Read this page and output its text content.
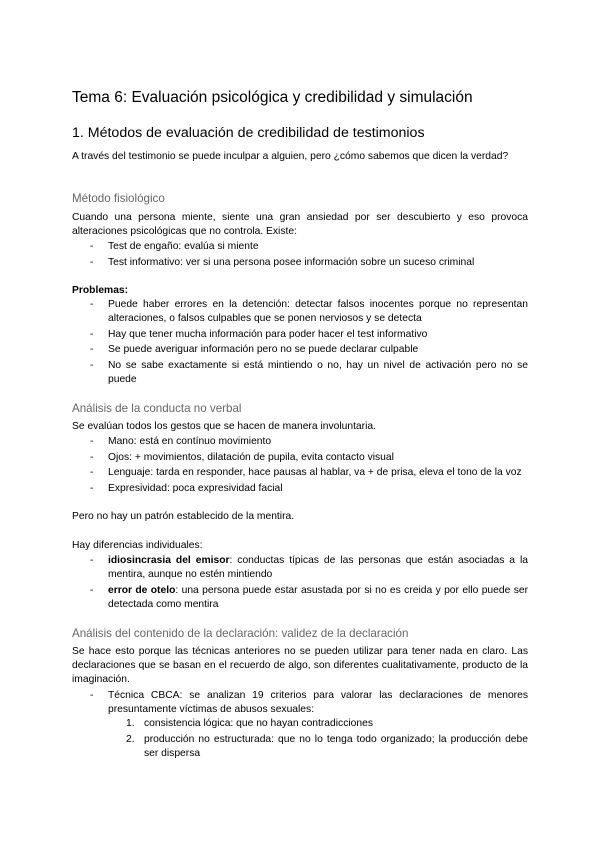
Tema 6: Evaluación psicológica y credibilidad y simulación
1. Métodos de evaluación de credibilidad de testimonios

A través del testimonio se puede inculpar a alguien, pero ¿cómo sabemos que dicen la verdad?

Método fisiológico

Cuando una persona miente, siente una gran ansiedad por ser descubierto y eso provoca alteraciones psicológicas que no controla. Existe:

- Test de engaño: evalúa si miente
- Test informativo: ver si una persona posee información sobre un suceso criminal

Problemas:

- Puede haber errores en la detención: detectar falsos inocentes porque no representan alteraciones, o falsos culpables que se ponen nerviosos y se detecta
- Hay que tener mucha información para poder hacer el test informativo
- Se puede averiguar información pero no se puede declarar culpable
- No se sabe exactamente si está mintiendo o no, hay un nivel de activación pero no se puede
Análisis de la conducta no verbal

Se evalúan todos los gestos que se hacen de manera involuntaria.

- Mano: está en contínuo movimiento
- Ojos: + movimientos, dilatación de pupila, evita contacto visual
- Lenguaje: tarda en responder, hace pausas al hablar, va + de prisa, eleva el tono de la voz
- Expresividad: poca expresividad facial

Pero no hay un patrón establecido de la mentira.

Hay diferencias individuales:

- idiosincrasia del emisor: conductas típicas de las personas que están asociadas a la mentira, aunque no estén mintiendo
- error de otelo: una persona puede estar asustada por si no es creida y por ello puede ser detectada como mentira
Análisis del contenido de la declaración: validez de la declaración

Se hace esto porque las técnicas anteriores no se pueden utilizar para tener nada en claro. Las declaraciones que se basan en el recuerdo de algo, son diferentes cualitativamente, producto de la imaginación.

- Técnica CBCA: se analizan 19 criterios para valorar las declaraciones de menores presuntamente víctimas de abusos sexuales:
1. consistencia lógica: que no hayan contradicciones
2. producción no estructurada: que no lo tenga todo organizado; la producción debe ser dispersa
